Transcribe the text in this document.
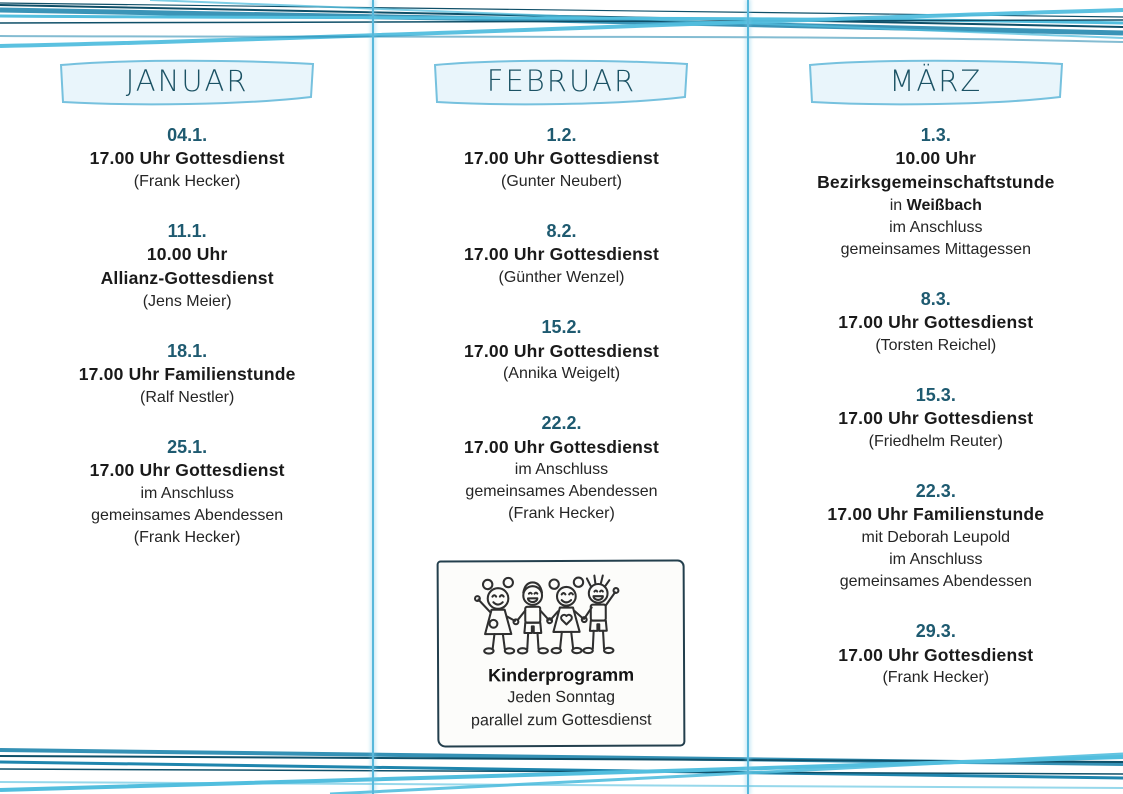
JANUAR
04.1.
17.00 Uhr Gottesdienst
(Frank Hecker)
11.1.
10.00 Uhr
Allianz-Gottesdienst
(Jens Meier)
18.1.
17.00 Uhr Familienstunde
(Ralf Nestler)
25.1.
17.00 Uhr Gottesdienst
im Anschluss
gemeinsames Abendessen
(Frank Hecker)
FEBRUAR
1.2.
17.00 Uhr Gottesdienst
(Gunter Neubert)
8.2.
17.00 Uhr Gottesdienst
(Günther Wenzel)
15.2.
17.00 Uhr Gottesdienst
(Annika Weigelt)
22.2.
17.00 Uhr Gottesdienst
im Anschluss
gemeinsames Abendessen
(Frank Hecker)
Kinderprogramm
Jeden Sonntag
parallel zum Gottesdienst
MÄRZ
1.3.
10.00 Uhr
Bezirksgemeinschaftstunde
in Weißbach
im Anschluss
gemeinsames Mittagessen
8.3.
17.00 Uhr Gottesdienst
(Torsten Reichel)
15.3.
17.00 Uhr Gottesdienst
(Friedhelm Reuter)
22.3.
17.00 Uhr Familienstunde
mit Deborah Leupold
im Anschluss
gemeinsames Abendessen
29.3.
17.00 Uhr Gottesdienst
(Frank Hecker)
